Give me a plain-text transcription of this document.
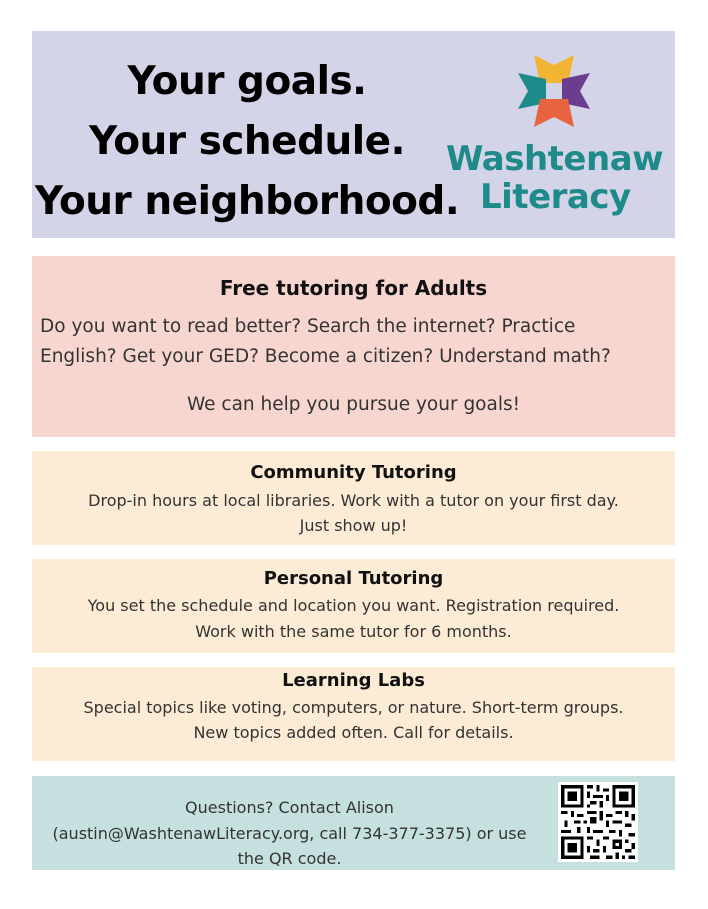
Your goals.
Your schedule.
Your neighborhood.
Washtenaw
Literacy
Free tutoring for Adults
Do you want to read better? Search the internet? Practice
English? Get your GED? Become a citizen? Understand math?
We can help you pursue your goals!
Community Tutoring
Drop-in hours at local libraries. Work with a tutor on your first day.
Just show up!
Personal Tutoring
You set the schedule and location you want. Registration required.
Work with the same tutor for 6 months.
Learning Labs
Special topics like voting, computers, or nature. Short-term groups.
New topics added often. Call for details.
Questions? Contact Alison
(austin@WashtenawLiteracy.org, call 734-377-3375) or use
the QR code.
